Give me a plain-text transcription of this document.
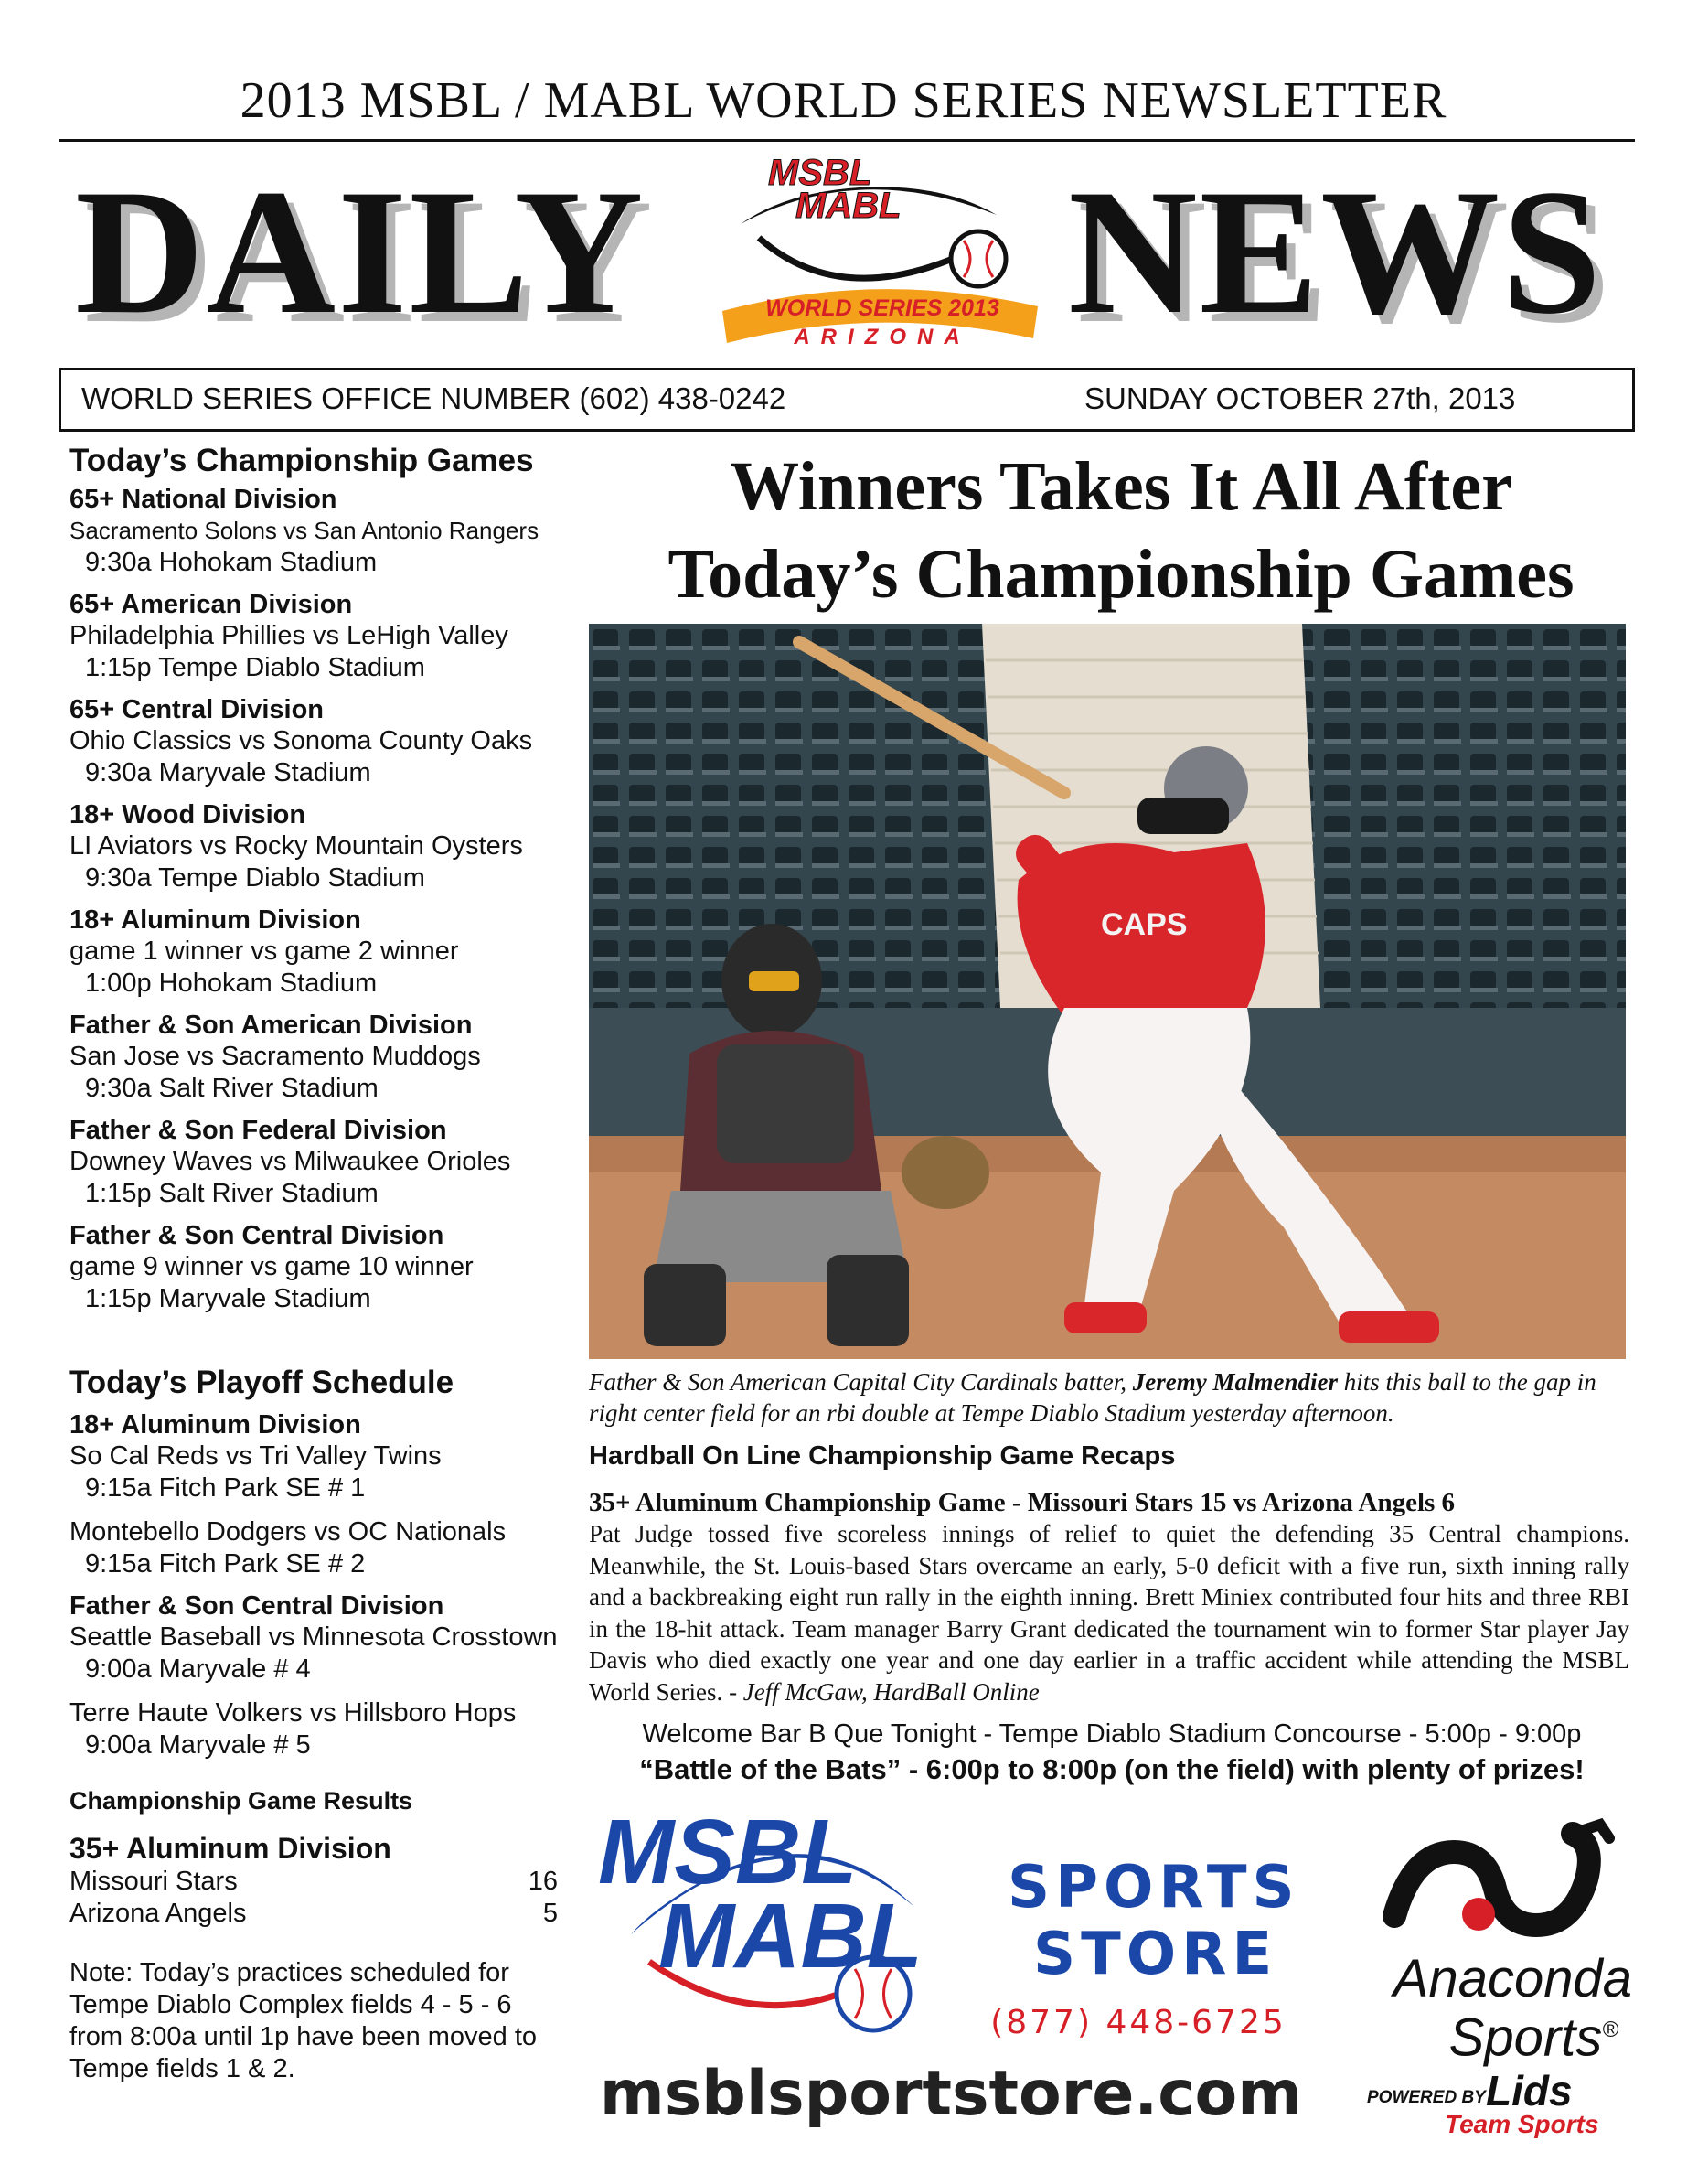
2013 MSBL / MABL WORLD SERIES NEWSLETTER
DAILY NEWS
MSBL
MABL
WORLD SERIES 2013
ARIZONA
WORLD SERIES OFFICE NUMBER (602) 438-0242	SUNDAY OCTOBER 27th, 2013
Today’s Championship Games
65+ National Division
Sacramento Solons vs San Antonio Rangers
9:30a Hohokam Stadium
65+ American Division
Philadelphia Phillies vs LeHigh Valley
1:15p Tempe Diablo Stadium
65+ Central Division
Ohio Classics vs Sonoma County Oaks
9:30a Maryvale Stadium
18+ Wood Division
LI Aviators vs Rocky Mountain Oysters
9:30a Tempe Diablo Stadium
18+ Aluminum Division
game 1 winner vs game 2 winner
1:00p Hohokam Stadium
Father & Son American Division
San Jose vs Sacramento Muddogs
9:30a Salt River Stadium
Father & Son Federal Division
Downey Waves vs Milwaukee Orioles
1:15p Salt River Stadium
Father & Son Central Division
game 9 winner vs game 10 winner
1:15p Maryvale Stadium
Today’s Playoff Schedule
18+ Aluminum Division
So Cal Reds vs Tri Valley Twins
9:15a Fitch Park SE # 1
Montebello Dodgers vs OC Nationals
9:15a Fitch Park SE # 2
Father & Son Central Division
Seattle Baseball vs Minnesota Crosstown
9:00a Maryvale # 4
Terre Haute Volkers vs Hillsboro Hops
9:00a Maryvale # 5
Championship Game Results
35+ Aluminum Division
Missouri Stars	16
Arizona Angels	5
Note: Today’s practices scheduled for
Tempe Diablo Complex fields 4 - 5 - 6
from 8:00a until 1p have been moved to
Tempe fields 1 & 2.
Winners Takes It All After
Today’s Championship Games
CAPS
Father & Son American Capital City Cardinals batter, Jeremy Malmendier hits this ball to the gap in right center field for an rbi double at Tempe Diablo Stadium yesterday afternoon.
Hardball On Line Championship Game Recaps
35+ Aluminum Championship Game - Missouri Stars 15 vs Arizona Angels 6
Pat Judge tossed five scoreless innings of relief to quiet the defending 35 Central champions. Meanwhile, the St. Louis-based Stars overcame an early, 5-0 deficit with a five run, sixth inning rally and a backbreaking eight run rally in the eighth inning. Brett Miniex contributed four hits and three RBI in the 18-hit attack. Team manager Barry Grant dedicated the tournament win to former Star player Jay Davis who died exactly one year and one day earlier in a traffic accident while attending the MSBL World Series. - Jeff McGaw, HardBall Online
Welcome Bar B Que Tonight - Tempe Diablo Stadium Concourse - 5:00p - 9:00p
“Battle of the Bats” - 6:00p to 8:00p (on the field) with plenty of prizes!
MSBL
MABL SPORTS
STORE
(877) 448-6725
msblsportstore.com
Anaconda
Sports®
POWERED BY Lids
Team Sports
